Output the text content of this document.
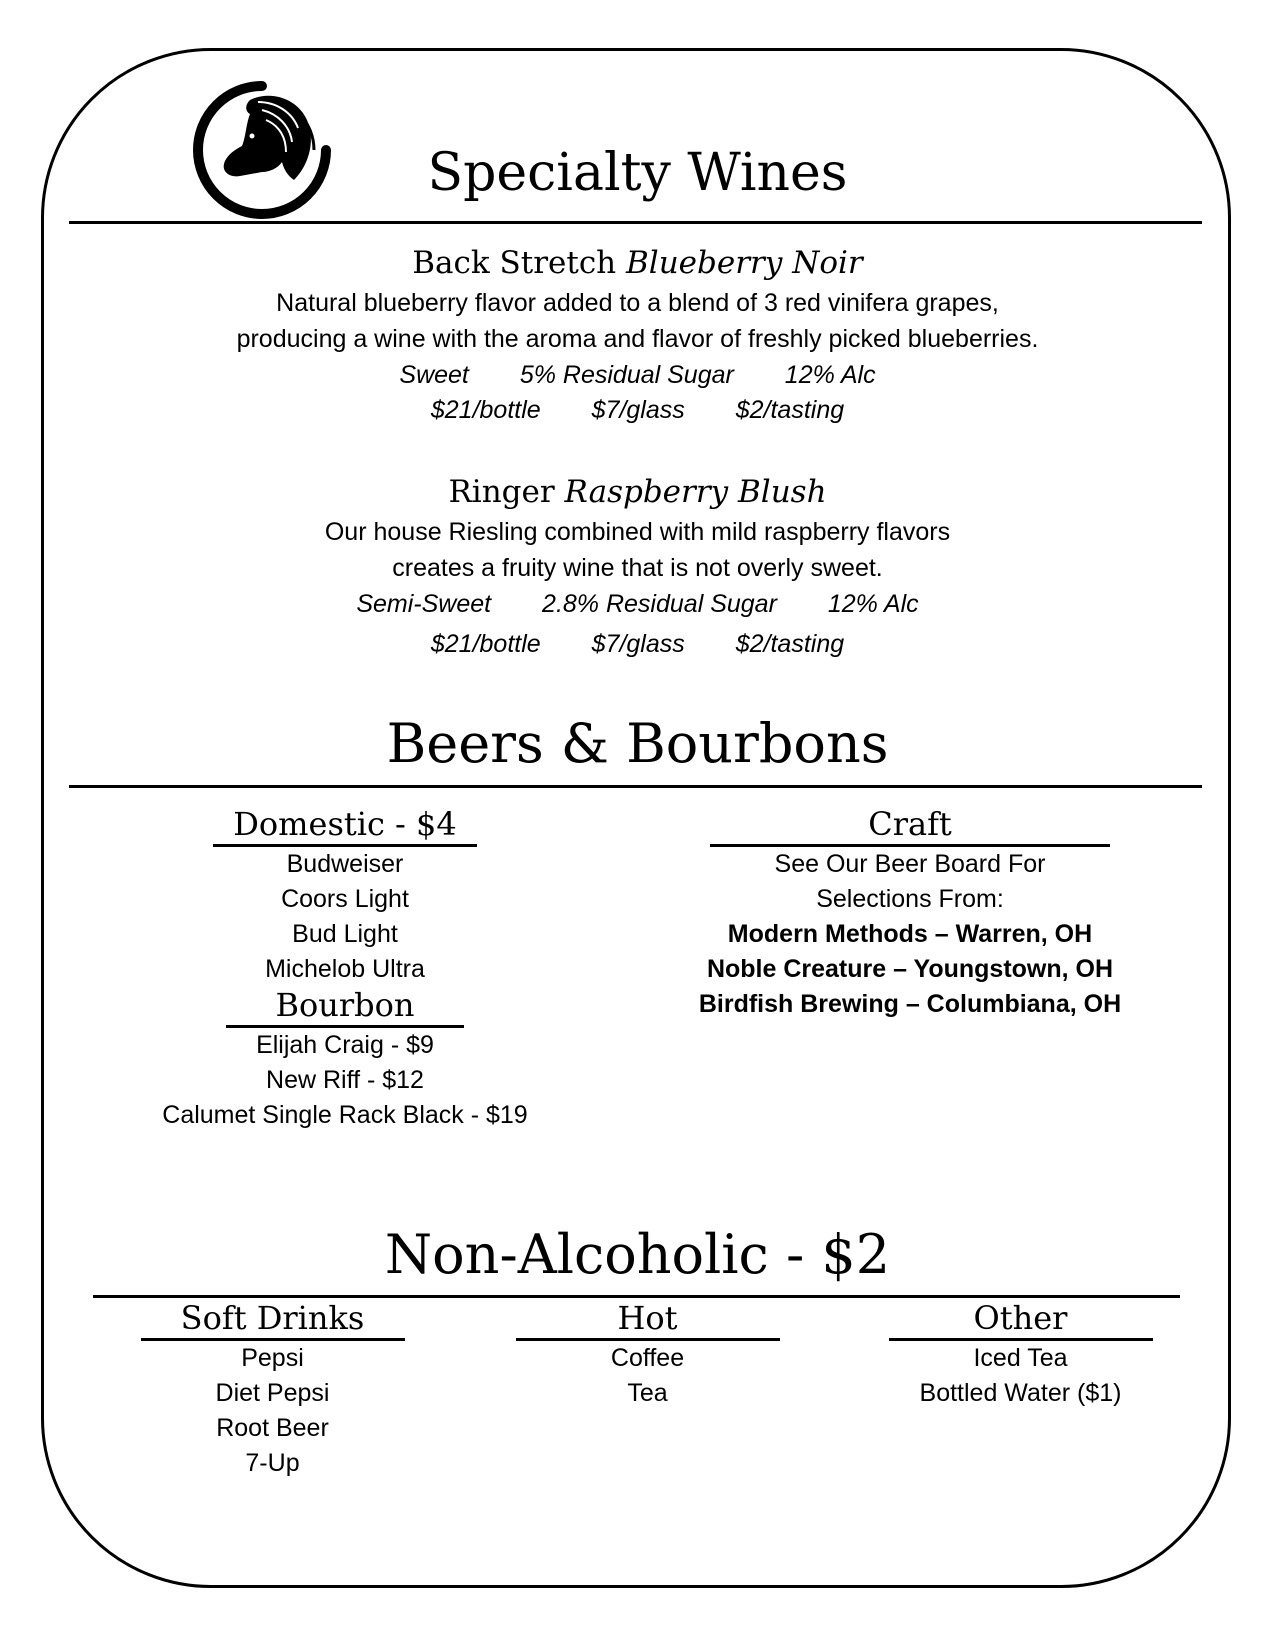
Specialty Wines
Back Stretch Blueberry Noir
Natural blueberry flavor added to a blend of 3 red vinifera grapes,
producing a wine with the aroma and flavor of freshly picked blueberries.
Sweet 5% Residual Sugar 12% Alc
$21/bottle $7/glass $2/tasting
Ringer Raspberry Blush
Our house Riesling combined with mild raspberry flavors
creates a fruity wine that is not overly sweet.
Semi-Sweet 2.8% Residual Sugar 12% Alc
$21/bottle $7/glass $2/tasting
Beers & Bourbons
Domestic - $4
Budweiser
Coors Light
Bud Light
Michelob Ultra
Bourbon
Elijah Craig - $9
New Riff - $12
Calumet Single Rack Black - $19
Craft
See Our Beer Board For
Selections From:
Modern Methods – Warren, OH
Noble Creature – Youngstown, OH
Birdfish Brewing – Columbiana, OH
Non-Alcoholic - $2
Soft Drinks
Pepsi
Diet Pepsi
Root Beer
7-Up
Hot
Coffee
Tea
Other
Iced Tea
Bottled Water ($1)
